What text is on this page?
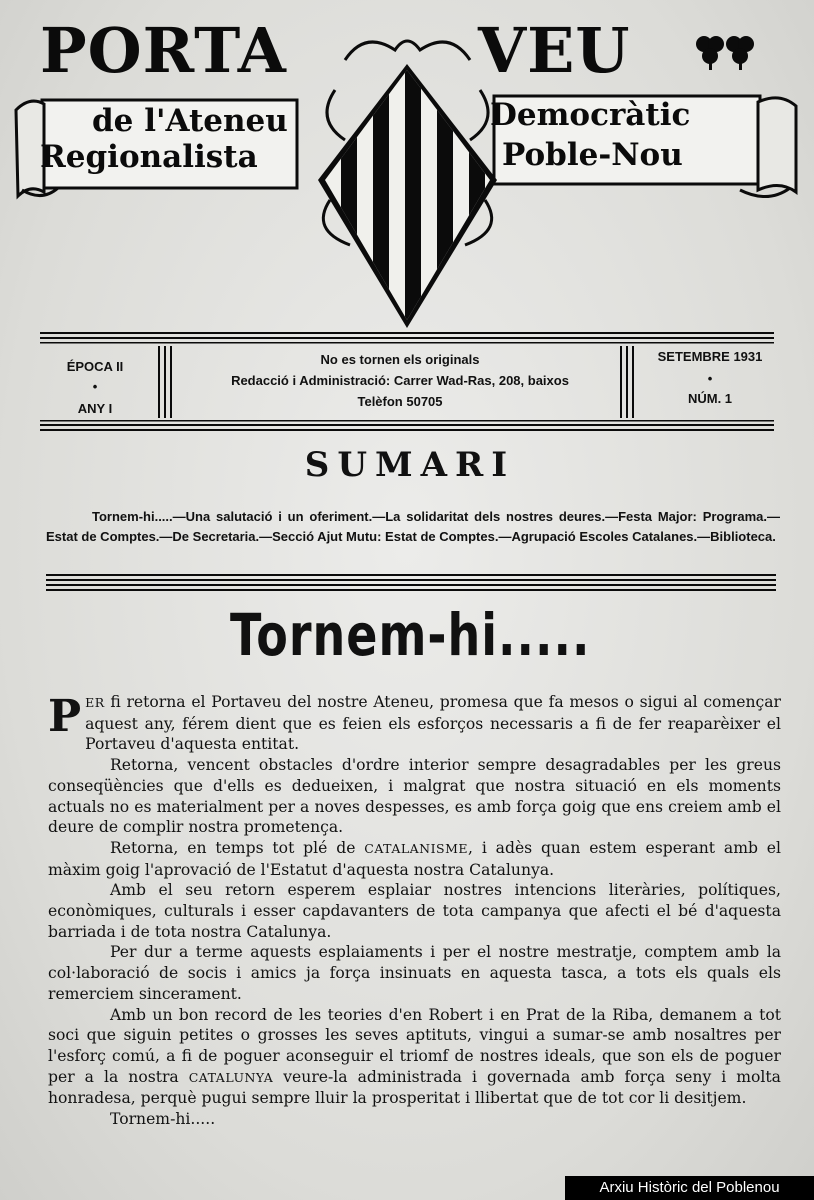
PORTA	VEU
de l'Ateneu
Regionalista
Democràtic
Poble-Nou
ÉPOCA II
•
ANY I
No es tornen els originals
Redacció i Administració: Carrer Wad-Ras, 208, baixos
Telèfon 50705
SETEMBRE 1931
•
NÚM. 1
SUMARI
Tornem-hi.....—Una salutació i un oferiment.—La solidaritat dels nostres deures.—Festa Major: Programa.—Estat de Comptes.—De Secretaria.—Secció Ajut Mutu: Estat de Comptes.—Agrupació Escoles Catalanes.—Biblioteca.
Tornem-hi.....

PER fi retorna el Portaveu del nostre Ateneu, promesa que fa mesos o sigui al començar aquest any, férem dient que es feien els esforços necessaris a fi de fer reaparèixer el Portaveu d'aquesta entitat.

Retorna, vencent obstacles d'ordre interior sempre desagradables per les greus conseqüències que d'ells es dedueixen, i malgrat que nostra situació en els moments actuals no es materialment per a noves despesses, es amb força goig que ens creiem amb el deure de complir nostra prometença.

Retorna, en temps tot plé de CATALANISME, i adès quan estem esperant amb el màxim goig l'aprovació de l'Estatut d'aquesta nostra Catalunya.

Amb el seu retorn esperem esplaiar nostres intencions literàries, polítiques, econòmiques, culturals i esser capdavanters de tota campanya que afecti el bé d'aquesta barriada i de tota nostra Catalunya.

Per dur a terme aquests esplaiaments i per el nostre mestratje, comptem amb la col·laboració de socis i amics ja força insinuats en aquesta tasca, a tots els quals els remerciem sincerament.

Amb un bon record de les teories d'en Robert i en Prat de la Riba, demanem a tot soci que siguin petites o grosses les seves aptituts, vingui a sumar-se amb nosaltres per l'esforç comú, a fi de poguer aconseguir el triomf de nostres ideals, que son els de poguer per a la nostra CATALUNYA veure-la administrada i governada amb força seny i molta honradesa, perquè pugui sempre lluir la prosperitat i llibertat que de tot cor li desitjem.

Tornem-hi.....

Arxiu Històric del Poblenou
